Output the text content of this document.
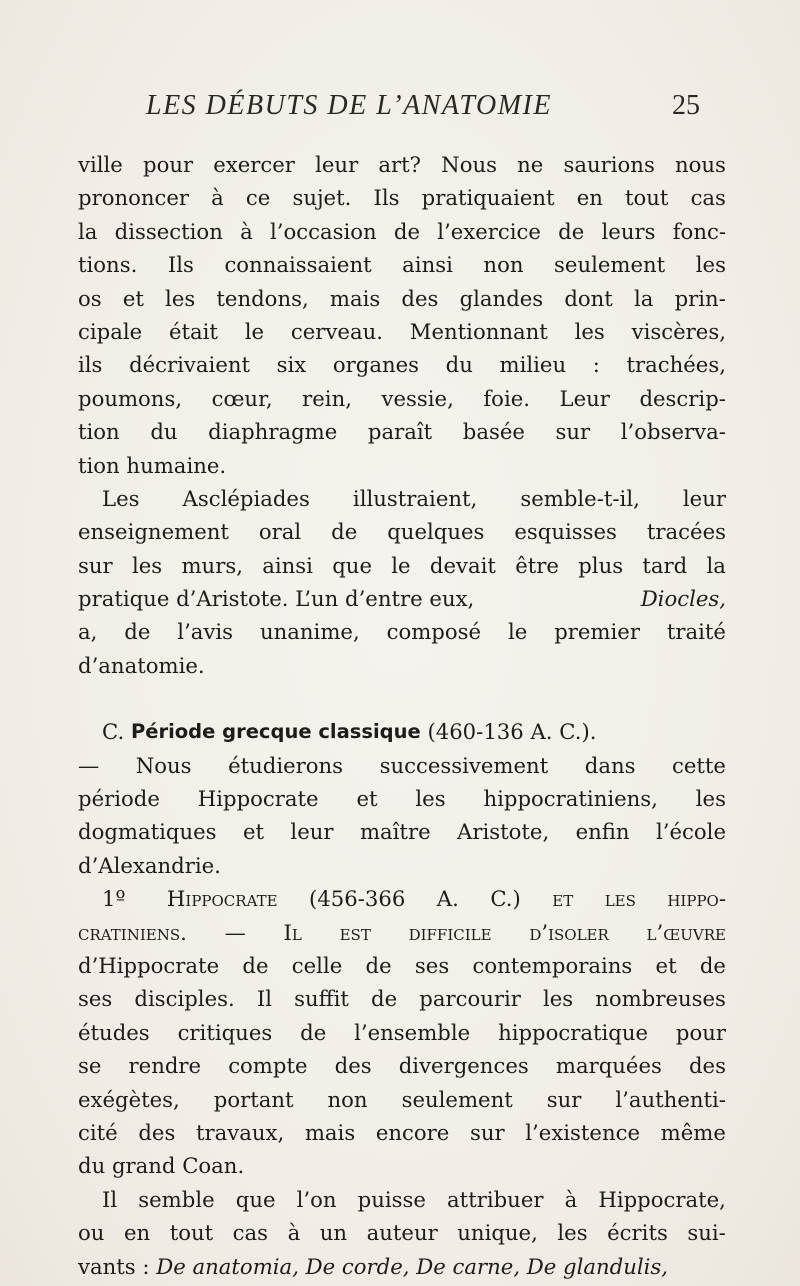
LES DÉBUTS DE L’ANATOMIE	25
ville pour exercer leur art? Nous ne saurions nous
prononcer à ce sujet. Ils pratiquaient en tout cas
la dissection à l’occasion de l’exercice de leurs fonc-
tions. Ils connaissaient ainsi non seulement les
os et les tendons, mais des glandes dont la prin-
cipale était le cerveau. Mentionnant les viscères,
ils décrivaient six organes du milieu : trachées,
poumons, cœur, rein, vessie, foie. Leur descrip-
tion du diaphragme paraît basée sur l’observa-
tion humaine.
Les Asclépiades illustraient, semble-t-il, leur
enseignement oral de quelques esquisses tracées
sur les murs, ainsi que le devait être plus tard la
pratique d’Aristote. L’un d’entre eux,	Diocles,
a, de l’avis unanime, composé le premier traité
d’anatomie.
C. Période grecque classique (460-136 A. C.).
— Nous étudierons successivement dans cette
période Hippocrate et les hippocratiniens, les
dogmatiques et leur maître Aristote, enfin l’école
d’Alexandrie.
1º Hippocrate (456-366 A. C.) et les hippo-
cratiniens. — Il est difficile d’isoler l’œuvre
d’Hippocrate de celle de ses contemporains et de
ses disciples. Il suffit de parcourir les nombreuses
études critiques de l’ensemble hippocratique pour
se rendre compte des divergences marquées des
exégètes, portant non seulement sur l’authenti-
cité des travaux, mais encore sur l’existence même
du grand Coan.
Il semble que l’on puisse attribuer à Hippocrate,
ou en tout cas à un auteur unique, les écrits sui-
vants : De anatomia, De corde, De carne, De glandulis,
